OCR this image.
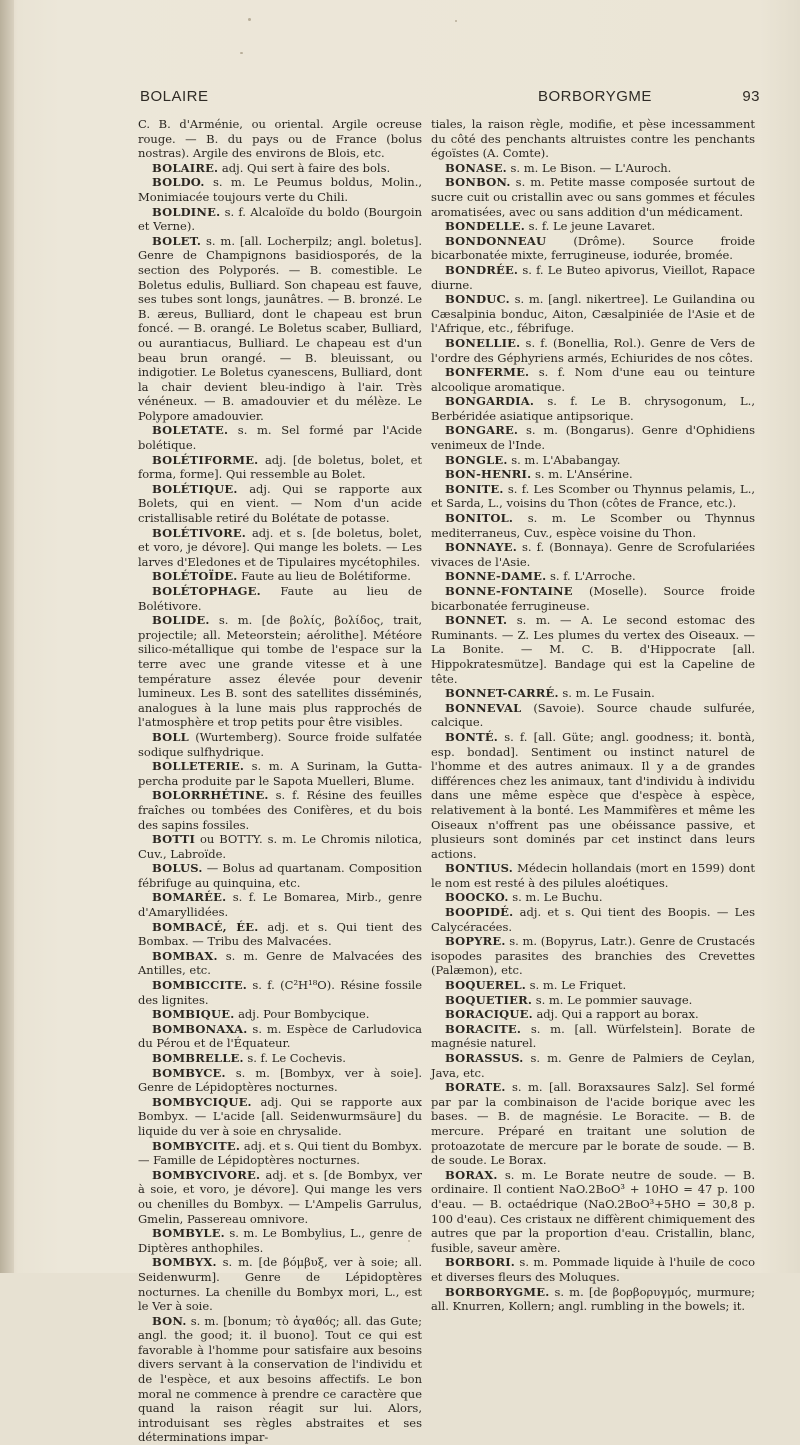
BOLAIRE	BORBORYGME	93

C. B. d'Arménie, ou oriental. Argile ocreuse rouge. — B. du pays ou de France (bolus nostras). Argile des environs de Blois, etc.

BOLAIRE. adj. Qui sert à faire des bols.

BOLDO. s. m. Le Peumus boldus, Molin., Monimiacée toujours verte du Chili.

BOLDINE. s. f. Alcaloïde du boldo (Bourgoin et Verne).

BOLET. s. m. [all. Locherpilz; angl. boletus]. Genre de Champignons basidiosporés, de la section des Polyporés. — B. comestible. Le Boletus edulis, Bulliard. Son chapeau est fauve, ses tubes sont longs, jaunâtres. — B. bronzé. Le B. æreus, Bulliard, dont le chapeau est brun foncé. — B. orangé. Le Boletus scaber, Bulliard, ou aurantiacus, Bulliard. Le chapeau est d'un beau brun orangé. — B. bleuissant, ou indigotier. Le Boletus cyanescens, Bulliard, dont la chair devient bleu-indigo à l'air. Très vénéneux. — B. amadouvier et du mélèze. Le Polypore amadouvier.

BOLETATE. s. m. Sel formé par l'Acide bolétique.

BOLÉTIFORME. adj. [de boletus, bolet, et forma, forme]. Qui ressemble au Bolet.

BOLÉTIQUE. adj. Qui se rapporte aux Bolets, qui en vient. — Nom d'un acide cristallisable retiré du Bolétate de potasse.

BOLÉTIVORE. adj. et s. [de boletus, bolet, et voro, je dévore]. Qui mange les bolets. — Les larves d'Eledones et de Tipulaires mycétophiles.

BOLÉTOÏDE. Faute au lieu de Bolétiforme.

BOLÉTOPHAGE. Faute au lieu de Bolétivore.

BOLIDE. s. m. [de βολίς, βολίδος, trait, projectile; all. Meteorstein; aérolithe]. Météore silico-métallique qui tombe de l'espace sur la terre avec une grande vitesse et à une température assez élevée pour devenir lumineux. Les B. sont des satellites disséminés, analogues à la lune mais plus rapprochés de l'atmosphère et trop petits pour être visibles.

BOLL (Wurtemberg). Source froide sulfatée sodique sulfhydrique.

BOLLETERIE. s. m. A Surinam, la Gutta-percha produite par le Sapota Muelleri, Blume.

BOLORRHÉTINE. s. f. Résine des feuilles fraîches ou tombées des Conifères, et du bois des sapins fossiles.

BOTTI ou BOTTY. s. m. Le Chromis nilotica, Cuv., Labroïde.

BOLUS. — Bolus ad quartanam. Composition fébrifuge au quinquina, etc.

BOMARÉE. s. f. Le Bomarea, Mirb., genre d'Amaryllidées.

BOMBACÉ, ÉE. adj. et s. Qui tient des Bombax. — Tribu des Malvacées.

BOMBAX. s. m. Genre de Malvacées des Antilles, etc.

BOMBICCITE. s. f. (C²H¹⁸O). Résine fossile des lignites.

BOMBIQUE. adj. Pour Bombycique.

BOMBONAXA. s. m. Espèce de Carludovica du Pérou et de l'Équateur.

BOMBRELLE. s. f. Le Cochevis.

BOMBYCE. s. m. [Bombyx, ver à soie]. Genre de Lépidoptères nocturnes.

BOMBYCIQUE. adj. Qui se rapporte aux Bombyx. — L'acide [all. Seidenwurmsäure] du liquide du ver à soie en chrysalide.

BOMBYCITE. adj. et s. Qui tient du Bombyx. — Famille de Lépidoptères nocturnes.

BOMBYCIVORE. adj. et s. [de Bombyx, ver à soie, et voro, je dévore]. Qui mange les vers ou chenilles du Bombyx. — L'Ampelis Garrulus, Gmelin, Passereau omnivore.

BOMBYLE. s. m. Le Bombylius, L., genre de Diptères anthophiles.

BOMBYX. s. m. [de βόμβυξ, ver à soie; all. Seidenwurm]. Genre de Lépidoptères nocturnes. La chenille du Bombyx mori, L., est le Ver à soie.

BON. s. m. [bonum; τὸ ἀγαθός; all. das Gute; angl. the good; it. il buono]. Tout ce qui est favorable à l'homme pour satisfaire aux besoins divers servant à la conservation de l'individu et de l'espèce, et aux besoins affectifs. Le bon moral ne commence à prendre ce caractère que quand la raison réagit sur lui. Alors, introduisant ses règles abstraites et ses déterminations impar-

tiales, la raison règle, modifie, et pèse incessamment du côté des penchants altruistes contre les penchants égoïstes (A. Comte).

BONASE. s. m. Le Bison. — L'Auroch.

BONBON. s. m. Petite masse composée surtout de sucre cuit ou cristallin avec ou sans gommes et fécules aromatisées, avec ou sans addition d'un médicament.

BONDELLE. s. f. Le jeune Lavaret.

BONDONNEAU (Drôme). Source froide bicarbonatée mixte, ferrugineuse, iodurée, bromée.

BONDRÉE. s. f. Le Buteo apivorus, Vieillot, Rapace diurne.

BONDUC. s. m. [angl. nikertree]. Le Guilandina ou Cæsalpinia bonduc, Aiton, Cæsalpiniée de l'Asie et de l'Afrique, etc., fébrifuge.

BONELLIE. s. f. (Bonellia, Rol.). Genre de Vers de l'ordre des Géphyriens armés, Echiurides de nos côtes.

BONFERME. s. f. Nom d'une eau ou teinture alcoolique aromatique.

BONGARDIA. s. f. Le B. chrysogonum, L., Berbéridée asiatique antipsorique.

BONGARE. s. m. (Bongarus). Genre d'Ophidiens venimeux de l'Inde.

BONGLE. s. m. L'Ababangay.

BON-HENRI. s. m. L'Ansérine.

BONITE. s. f. Les Scomber ou Thynnus pelamis, L., et Sarda, L., voisins du Thon (côtes de France, etc.).

BONITOL. s. m. Le Scomber ou Thynnus mediterraneus, Cuv., espèce voisine du Thon.

BONNAYE. s. f. (Bonnaya). Genre de Scrofulariées vivaces de l'Asie.

BONNE-DAME. s. f. L'Arroche.

BONNE-FONTAINE (Moselle). Source froide bicarbonatée ferrugineuse.

BONNET. s. m. — A. Le second estomac des Ruminants. — Z. Les plumes du vertex des Oiseaux. — La Bonite. — M. C. B. d'Hippocrate [all. Hippokratesmütze]. Bandage qui est la Capeline de tête.

BONNET-CARRÉ. s. m. Le Fusain.

BONNEVAL (Savoie). Source chaude sulfurée, calcique.

BONTÉ. s. f. [all. Güte; angl. goodness; it. bontà, esp. bondad]. Sentiment ou instinct naturel de l'homme et des autres animaux. Il y a de grandes différences chez les animaux, tant d'individu à individu dans une même espèce que d'espèce à espèce, relativement à la bonté. Les Mammifères et même les Oiseaux n'offrent pas une obéissance passive, et plusieurs sont dominés par cet instinct dans leurs actions.

BONTIUS. Médecin hollandais (mort en 1599) dont le nom est resté à des pilules aloétiques.

BOOCKO. s. m. Le Buchu.

BOOPIDÉ. adj. et s. Qui tient des Boopis. — Les Calycéracées.

BOPYRE. s. m. (Bopyrus, Latr.). Genre de Crustacés isopodes parasites des branchies des Crevettes (Palæmon), etc.

BOQUEREL. s. m. Le Friquet.

BOQUETIER. s. m. Le pommier sauvage.

BORACIQUE. adj. Qui a rapport au borax.

BORACITE. s. m. [all. Würfelstein]. Borate de magnésie naturel.

BORASSUS. s. m. Genre de Palmiers de Ceylan, Java, etc.

BORATE. s. m. [all. Boraxsaures Salz]. Sel formé par par la combinaison de l'acide borique avec les bases. — B. de magnésie. Le Boracite. — B. de mercure. Préparé en traitant une solution de protoazotate de mercure par le borate de soude. — B. de soude. Le Borax.

BORAX. s. m. Le Borate neutre de soude. — B. ordinaire. Il contient NaO.2BoO³ + 10HO = 47 p. 100 d'eau. — B. octaédrique (NaO.2BoO³+5HO = 30,8 p. 100 d'eau). Ces cristaux ne diffèrent chimiquement des autres que par la proportion d'eau. Cristallin, blanc, fusible, saveur amère.

BORBORI. s. m. Pommade liquide à l'huile de coco et diverses fleurs des Moluques.

BORBORYGME. s. m. [de βορβορυγμός, murmure; all. Knurren, Kollern; angl. rumbling in the bowels; it.
